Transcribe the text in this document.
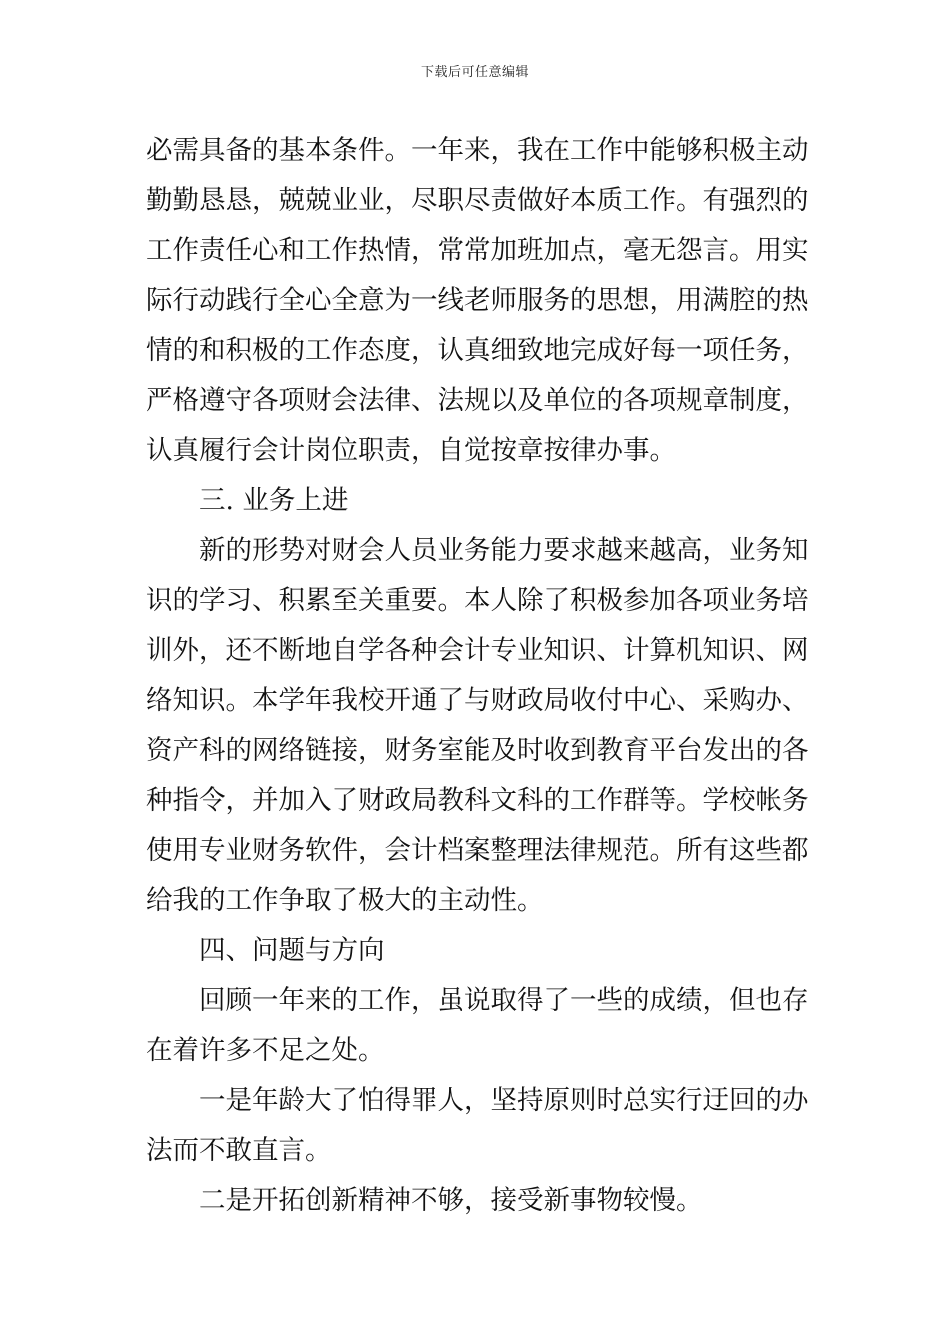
下载后可任意编辑
必需具备的基本条件。一年来，我在工作中能够积极主动
勤勤恳恳，兢兢业业，尽职尽责做好本质工作。有强烈的
工作责任心和工作热情，常常加班加点，毫无怨言。用实
际行动践行全心全意为一线老师服务的思想，用满腔的热
情的和积极的工作态度，认真细致地完成好每一项任务，
严格遵守各项财会法律、法规以及单位的各项规章制度，
认真履行会计岗位职责，自觉按章按律办事。
三. 业务上进
新的形势对财会人员业务能力要求越来越高，业务知
识的学习、积累至关重要。本人除了积极参加各项业务培
训外，还不断地自学各种会计专业知识、计算机知识、网
络知识。本学年我校开通了与财政局收付中心、采购办、
资产科的网络链接，财务室能及时收到教育平台发出的各
种指令，并加入了财政局教科文科的工作群等。学校帐务
使用专业财务软件，会计档案整理法律规范。所有这些都
给我的工作争取了极大的主动性。
四、问题与方向
回顾一年来的工作，虽说取得了一些的成绩，但也存
在着许多不足之处。
一是年龄大了怕得罪人，坚持原则时总实行迂回的办
法而不敢直言。
二是开拓创新精神不够，接受新事物较慢。
